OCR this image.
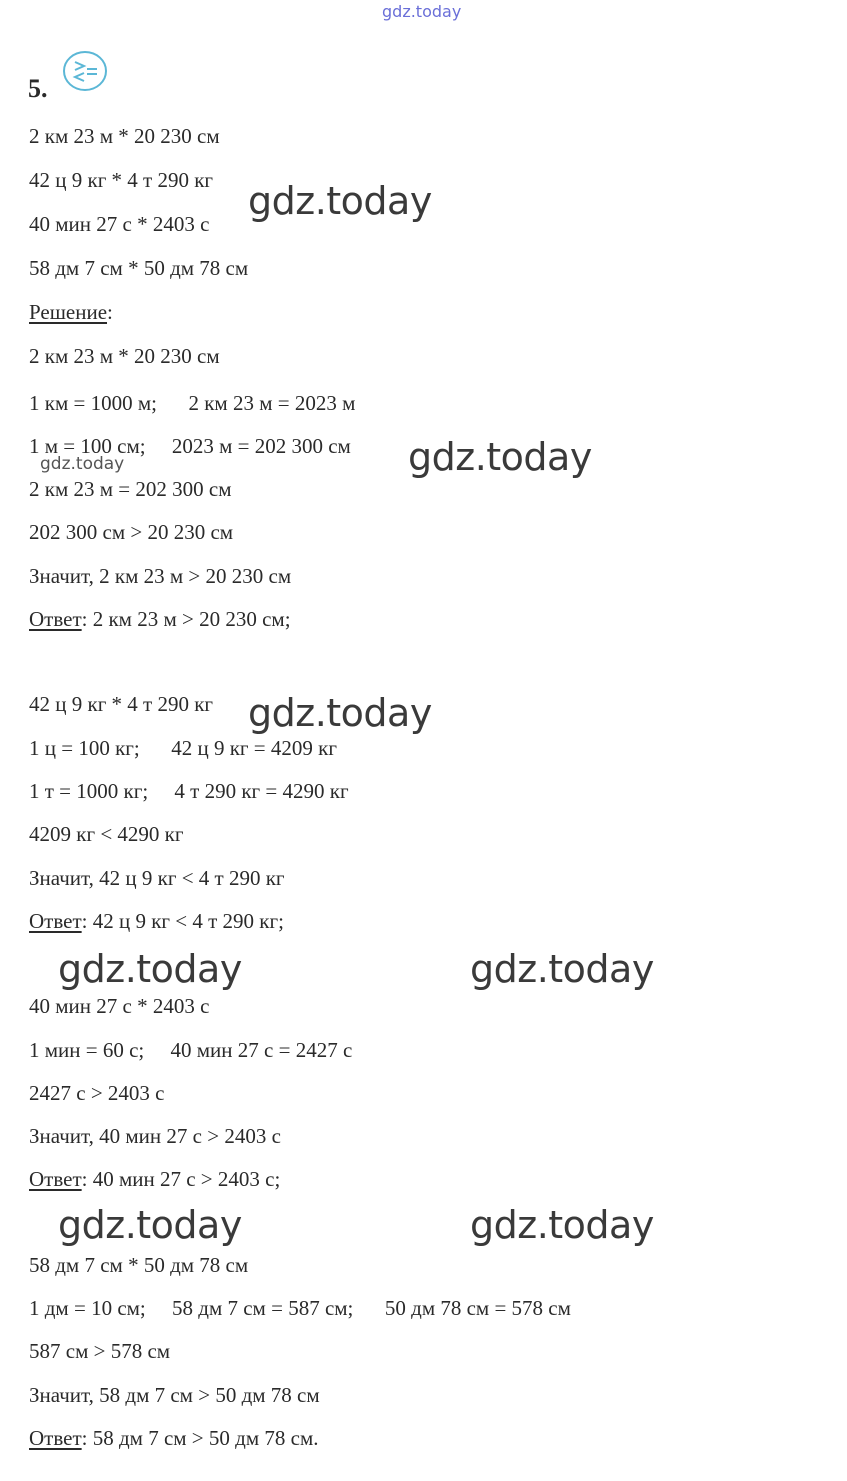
gdz.today
5.
2 км 23 м * 20 230 см
42 ц 9 кг * 4 т 290 кг
40 мин 27 с * 2403 с
58 дм 7 см * 50 дм 78 см
Решение:
2 км 23 м * 20 230 см
1 км = 1000 м;      2 км 23 м = 2023 м
1 м = 100 см;     2023 м = 202 300 см
2 км 23 м = 202 300 см
202 300 см > 20 230 см
Значит, 2 км 23 м > 20 230 см
Ответ: 2 км 23 м > 20 230 см;
42 ц 9 кг * 4 т 290 кг
1 ц = 100 кг;      42 ц 9 кг = 4209 кг
1 т = 1000 кг;     4 т 290 кг = 4290 кг
4209 кг < 4290 кг
Значит, 42 ц 9 кг < 4 т 290 кг
Ответ: 42 ц 9 кг < 4 т 290 кг;
40 мин 27 с * 2403 с
1 мин = 60 с;     40 мин 27 с = 2427 с
2427 с > 2403 с
Значит, 40 мин 27 с > 2403 с
Ответ: 40 мин 27 с > 2403 с;
58 дм 7 см * 50 дм 78 см
1 дм = 10 см;     58 дм 7 см = 587 см;      50 дм 78 см = 578 см
587 см > 578 см
Значит, 58 дм 7 см > 50 дм 78 см
Ответ: 58 дм 7 см > 50 дм 78 см.
gdz.today
gdz.today
gdz.today
gdz.today
gdz.today	gdz.today
gdz.today	gdz.today
